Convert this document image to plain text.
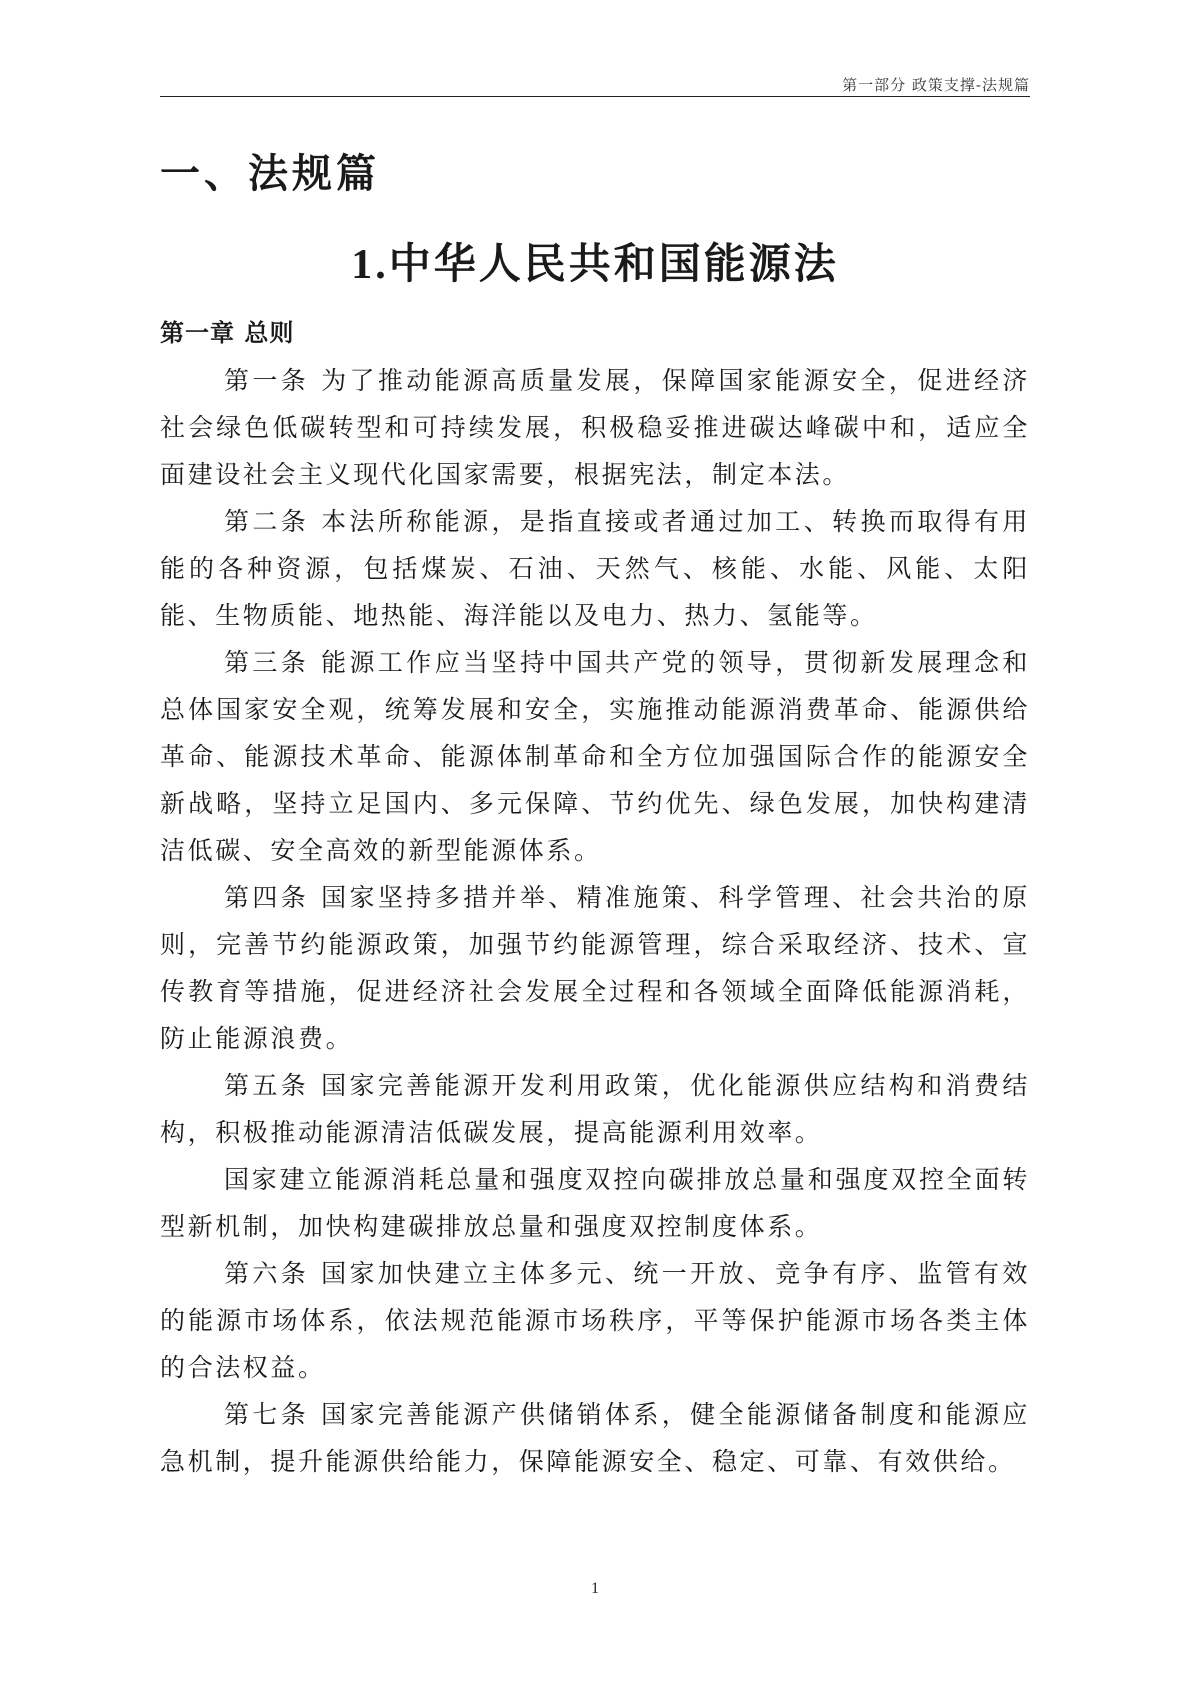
第一部分 政策支撑-法规篇
一、法规篇
1.中华人民共和国能源法
第一章 总则

第一条 为了推动能源高质量发展，保障国家能源安全，促进经济社会绿色低碳转型和可持续发展，积极稳妥推进碳达峰碳中和，适应全面建设社会主义现代化国家需要，根据宪法，制定本法。

第二条 本法所称能源，是指直接或者通过加工、转换而取得有用能的各种资源，包括煤炭、石油、天然气、核能、水能、风能、太阳能、生物质能、地热能、海洋能以及电力、热力、氢能等。

第三条 能源工作应当坚持中国共产党的领导，贯彻新发展理念和总体国家安全观，统筹发展和安全，实施推动能源消费革命、能源供给革命、能源技术革命、能源体制革命和全方位加强国际合作的能源安全新战略，坚持立足国内、多元保障、节约优先、绿色发展，加快构建清洁低碳、安全高效的新型能源体系。

第四条 国家坚持多措并举、精准施策、科学管理、社会共治的原则，完善节约能源政策，加强节约能源管理，综合采取经济、技术、宣传教育等措施，促进经济社会发展全过程和各领域全面降低能源消耗，防止能源浪费。

第五条 国家完善能源开发利用政策，优化能源供应结构和消费结构，积极推动能源清洁低碳发展，提高能源利用效率。

国家建立能源消耗总量和强度双控向碳排放总量和强度双控全面转型新机制，加快构建碳排放总量和强度双控制度体系。

第六条 国家加快建立主体多元、统一开放、竞争有序、监管有效的能源市场体系，依法规范能源市场秩序，平等保护能源市场各类主体的合法权益。

第七条 国家完善能源产供储销体系，健全能源储备制度和能源应急机制，提升能源供给能力，保障能源安全、稳定、可靠、有效供给。

1
